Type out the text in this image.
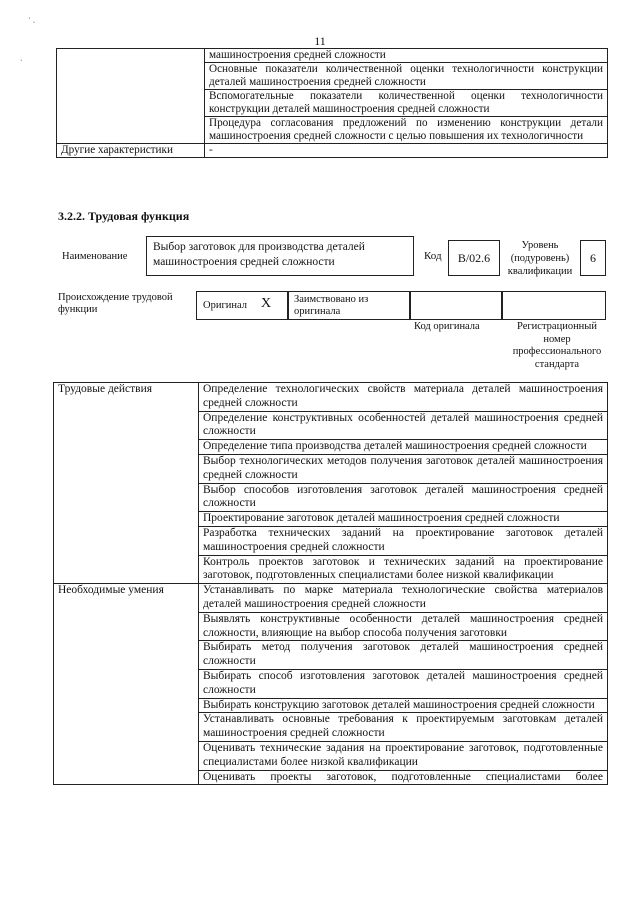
· ˏ
ˏ
11
	машиностроения средней сложности
	Основные показатели количественной оценки технологичности конструкции деталей машиностроения средней сложности
	Вспомогательные показатели количественной оценки технологичности конструкции деталей машиностроения средней сложности
	Процедура согласования предложений по изменению конструкции детали машиностроения средней сложности с целью повышения их технологичности
Другие характеристики	-
3.2.2. Трудовая функция
Наименование
Выбор заготовок для производства деталей машиностроения средней сложности	Код	B/02.6
Уровень (подуровень) квалификации
6
Происхождение трудовой функции	Оригинал X	Заимствовано из оригинала
Код оригинала	Регистрационный номер профессионального стандарта
Трудовые действия	Определение технологических свойств материала деталей машиностроения средней сложности
	Определение конструктивных особенностей деталей машиностроения средней сложности
	Определение типа производства деталей машиностроения средней сложности
	Выбор технологических методов получения заготовок деталей машиностроения средней сложности
	Выбор способов изготовления заготовок деталей машиностроения средней сложности
	Проектирование заготовок деталей машиностроения средней сложности
	Разработка технических заданий на проектирование заготовок деталей машиностроения средней сложности
	Контроль проектов заготовок и технических заданий на проектирование заготовок, подготовленных специалистами более низкой квалификации
Необходимые умения	Устанавливать по марке материала технологические свойства материалов деталей машиностроения средней сложности
	Выявлять конструктивные особенности деталей машиностроения средней сложности, влияющие на выбор способа получения заготовки
	Выбирать метод получения заготовок деталей машиностроения средней сложности
	Выбирать способ изготовления заготовок деталей машиностроения средней сложности
	Выбирать конструкцию заготовок деталей машиностроения средней сложности
	Устанавливать основные требования к проектируемым заготовкам деталей машиностроения средней сложности
	Оценивать технические задания на проектирование заготовок, подготовленные специалистами более низкой квалификации
	Оценивать проекты заготовок, подготовленные специалистами более
